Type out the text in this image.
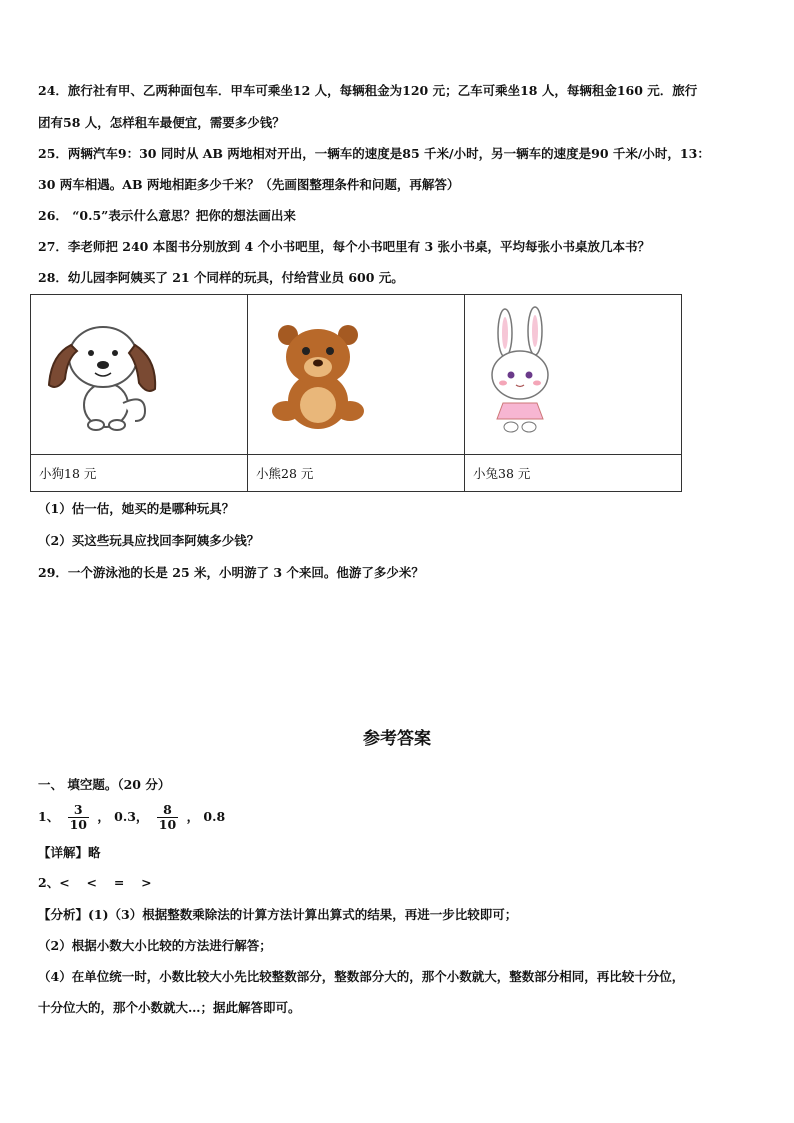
24．旅行社有甲、乙两种面包车．甲车可乘坐12 人，每辆租金为120 元；乙车可乘坐18 人，每辆租金160 元．旅行
团有58 人，怎样租车最便宜，需要多少钱？
25．两辆汽车9：30 同时从 AB 两地相对开出，一辆车的速度是85 千米/小时，另一辆车的速度是90 千米/小时，13：
30 两车相遇。AB 两地相距多少千米？（先画图整理条件和问题，再解答）
26． “0.5”表示什么意思？把你的想法画出来
27．李老师把 240 本图书分别放到 4 个小书吧里，每个小书吧里有 3 张小书桌，平均每张小书桌放几本书？
28．幼儿园李阿姨买了 21 个同样的玩具，付给营业员 600 元。

小狗18 元	小熊28 元	小兔38 元
（1）估一估，她买的是哪种玩具？
（2）买这些玩具应找回李阿姨多少钱？
29．一个游泳池的长是 25 米，小明游了 3 个来回。他游了多少米？
参考答案
一、 填空题。（20 分）
1、 $\frac{3}{10}$ ， 0.3， $\frac{8}{10}$ ， 0.8
【详解】略
2、<　 <　 =　 >
【分析】(1)（3）根据整数乘除法的计算方法计算出算式的结果，再进一步比较即可；
（2）根据小数大小比较的方法进行解答；
（4）在单位统一时，小数比较大小先比较整数部分，整数部分大的，那个小数就大，整数部分相同，再比较十分位，
十分位大的，那个小数就大…；据此解答即可。
